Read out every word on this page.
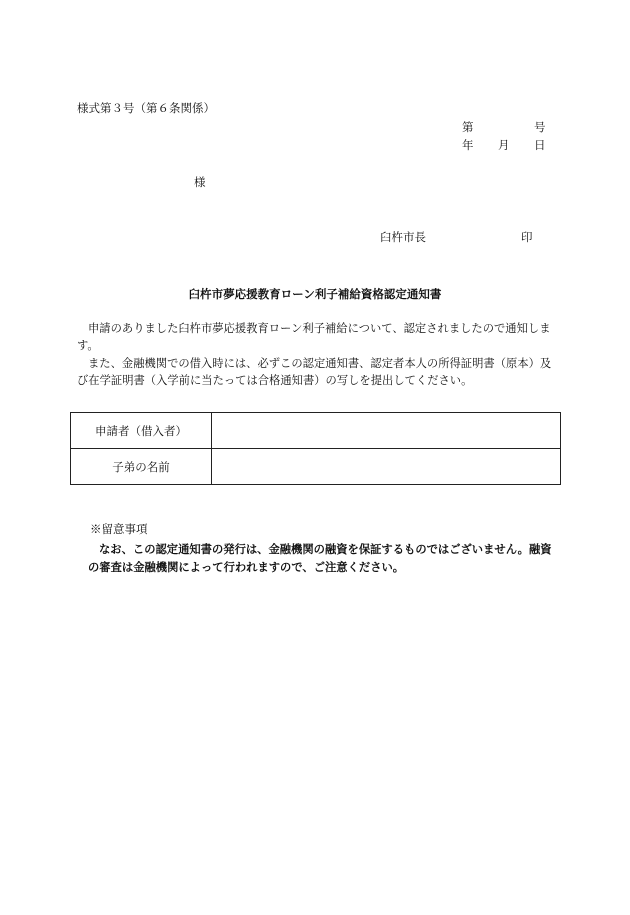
様式第３号（第６条関係）
第	号
年 月 日
様
臼杵市長	印
臼杵市夢応援教育ローン利子補給資格認定通知書
申請のありました臼杵市夢応援教育ローン利子補給について、認定されましたので通知します。
また、金融機関での借入時には、必ずこの認定通知書、認定者本人の所得証明書（原本）及び在学証明書（入学前に当たっては合格通知書）の写しを提出してください。
申請者（借入者）	
子弟の名前	
※留意事項
なお、この認定通知書の発行は、金融機関の融資を保証するものではございません。融資の審査は金融機関によって行われますので、ご注意ください。
